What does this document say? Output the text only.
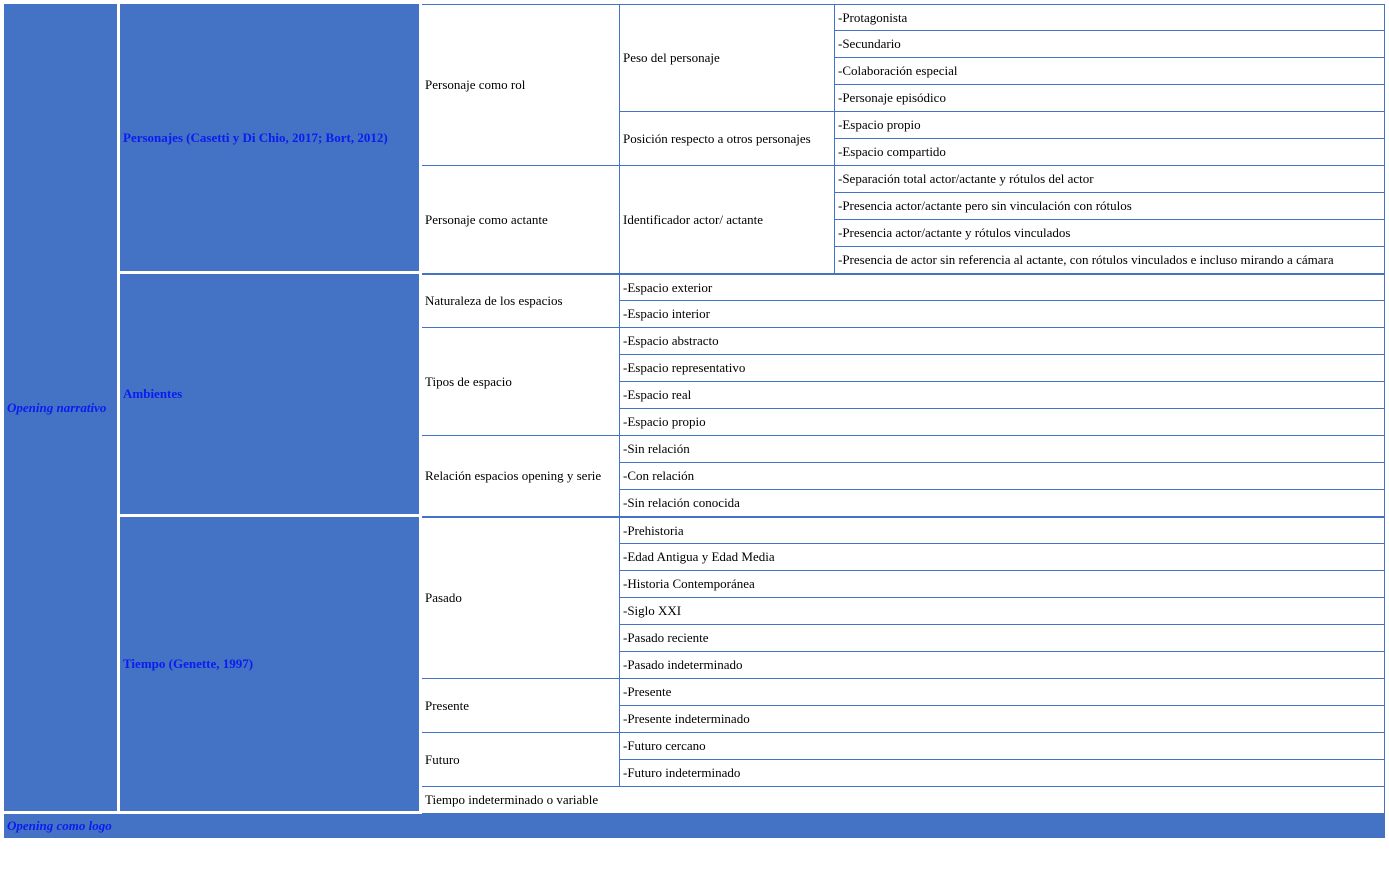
Opening narrativo	Personajes (Casetti y Di Chio, 2017; Bort, 2012)	Personaje como rol	Peso del personaje	-Protagonista
				-Secundario
				-Colaboración especial
				-Personaje episódico
			Posición respecto a otros personajes	-Espacio propio
				-Espacio compartido
		Personaje como actante	Identificador actor/ actante	-Separación total actor/actante y rótulos del actor
				-Presencia actor/actante pero sin vinculación con rótulos
				-Presencia actor/actante y rótulos vinculados
				-Presencia de actor sin referencia al actante, con rótulos vinculados e incluso mirando a cámara
	Ambientes	Naturaleza de los espacios	-Espacio exterior	
			-Espacio interior	
		Tipos de espacio	-Espacio abstracto	
			-Espacio representativo	
			-Espacio real	
			-Espacio propio	
		Relación espacios opening y serie	-Sin relación	
			-Con relación	
			-Sin relación conocida	
	Tiempo (Genette, 1997)	Pasado	-Prehistoria	
			-Edad Antigua y Edad Media	
			-Historia Contemporánea	
			-Siglo XXI	
			-Pasado reciente	
			-Pasado indeterminado	
		Presente	-Presente	
			-Presente indeterminado	
		Futuro	-Futuro cercano	
			-Futuro indeterminado	
		Tiempo indeterminado o variable		
Opening como logo				
